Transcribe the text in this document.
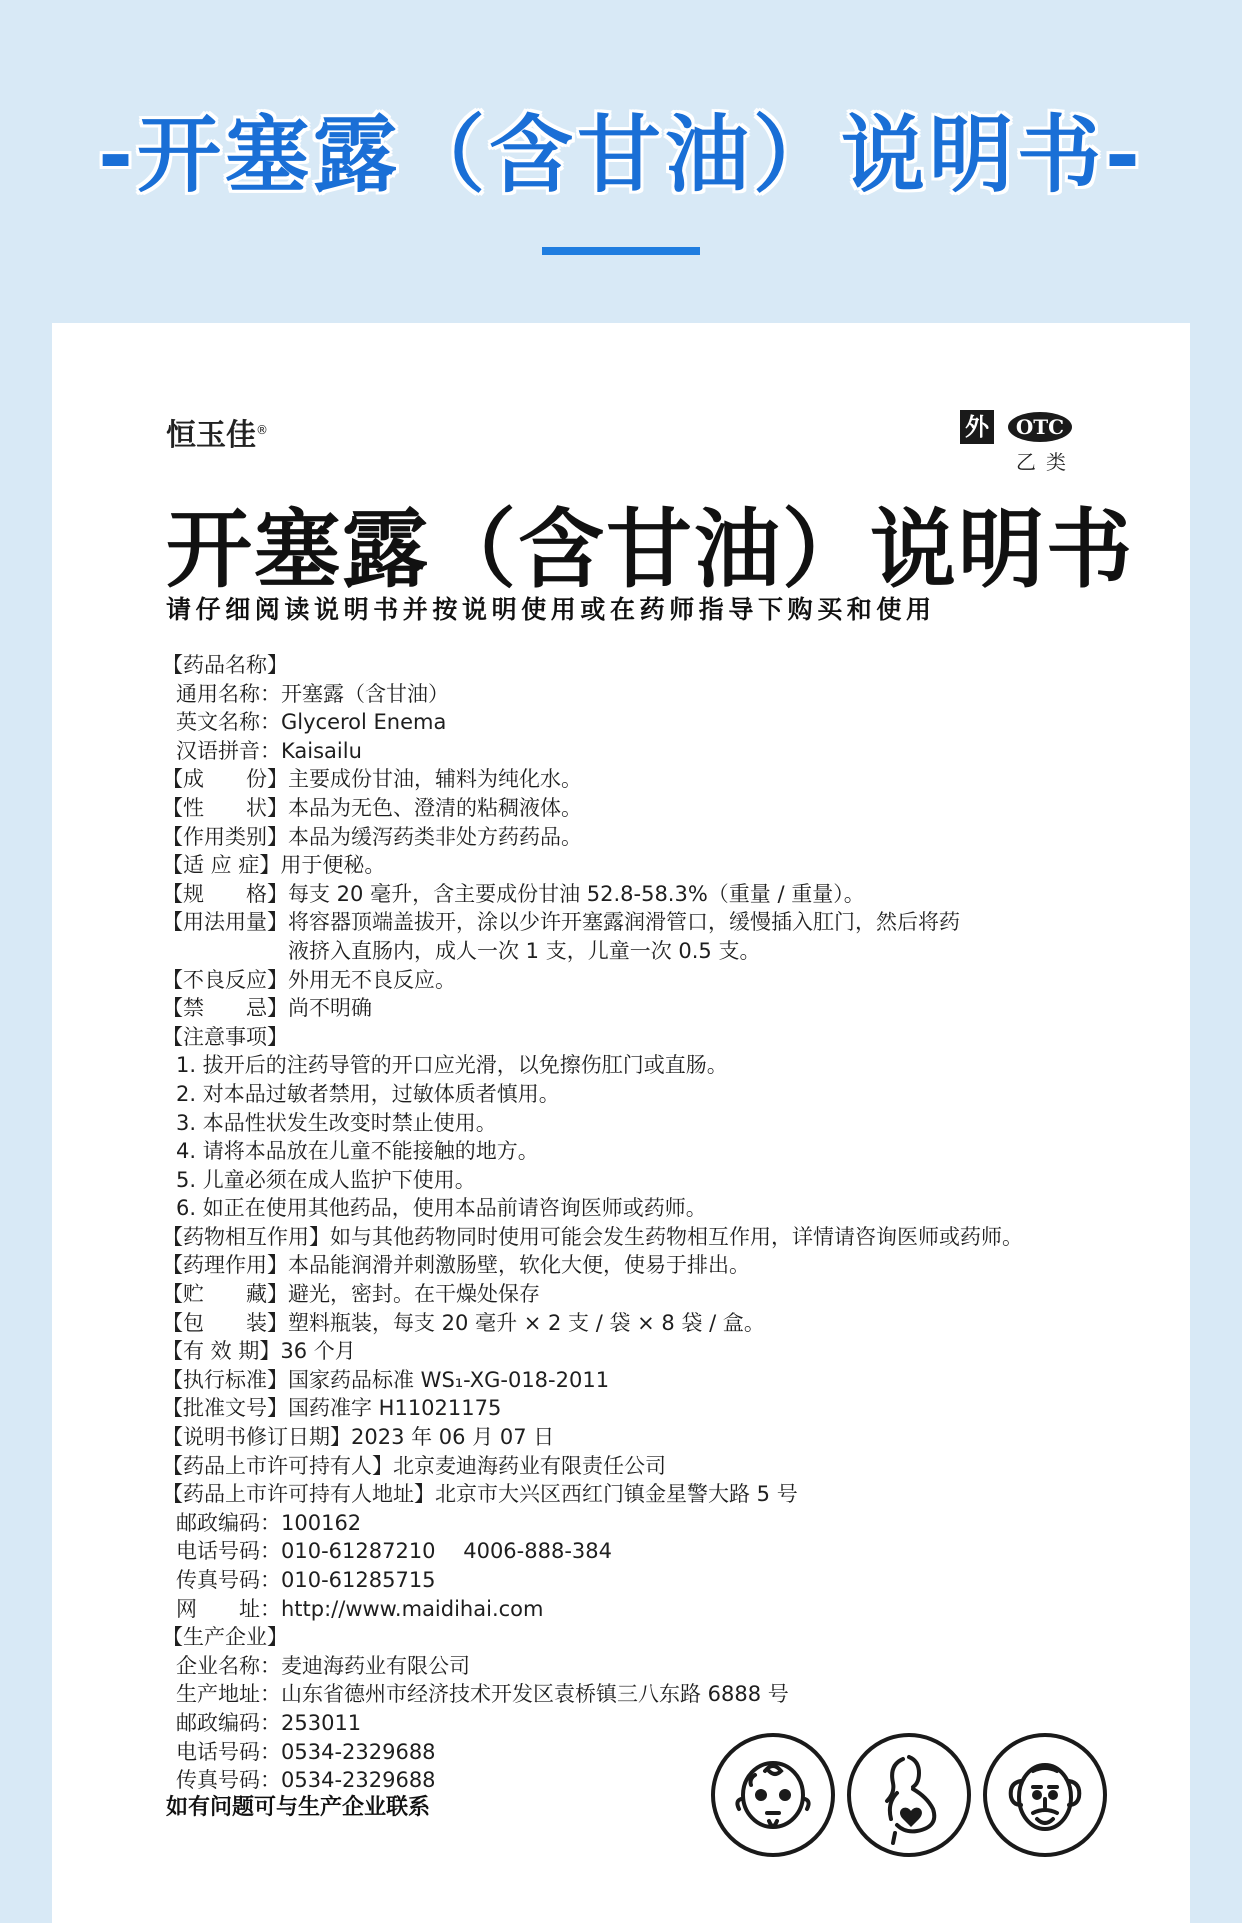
-开塞露（含甘油）说明书-
恒玉佳®	外	OTC
乙类
开塞露（含甘油）说明书
请仔细阅读说明书并按说明使用或在药师指导下购买和使用
【药品名称】
通用名称：开塞露（含甘油）
英文名称：Glycerol Enema
汉语拼音：Kaisailu
【成　　份】主要成份甘油，辅料为纯化水。
【性　　状】本品为无色、澄清的粘稠液体。
【作用类别】本品为缓泻药类非处方药药品。
【适 应 症】用于便秘。
【规　　格】每支 20 毫升，含主要成份甘油 52.8-58.3%（重量 / 重量）。
【用法用量】将容器顶端盖拔开，涂以少许开塞露润滑管口，缓慢插入肛门，然后将药
液挤入直肠内，成人一次 1 支，儿童一次 0.5 支。
【不良反应】外用无不良反应。
【禁　　忌】尚不明确
【注意事项】
1. 拔开后的注药导管的开口应光滑，以免擦伤肛门或直肠。
2. 对本品过敏者禁用，过敏体质者慎用。
3. 本品性状发生改变时禁止使用。
4. 请将本品放在儿童不能接触的地方。
5. 儿童必须在成人监护下使用。
6. 如正在使用其他药品，使用本品前请咨询医师或药师。
【药物相互作用】如与其他药物同时使用可能会发生药物相互作用，详情请咨询医师或药师。
【药理作用】本品能润滑并刺激肠壁，软化大便，使易于排出。
【贮　　藏】避光，密封。在干燥处保存
【包　　装】塑料瓶装，每支 20 毫升 × 2 支 / 袋 × 8 袋 / 盒。
【有 效 期】36 个月
【执行标准】国家药品标准 WS₁-XG-018-2011
【批准文号】国药准字 H11021175
【说明书修订日期】2023 年 06 月 07 日
【药品上市许可持有人】北京麦迪海药业有限责任公司
【药品上市许可持有人地址】北京市大兴区西红门镇金星警大路 5 号
邮政编码：100162
电话号码：010-61287210　 4006-888-384
传真号码：010-61285715
网　　址：http://www.maidihai.com
【生产企业】
企业名称：麦迪海药业有限公司
生产地址：山东省德州市经济技术开发区袁桥镇三八东路 6888 号
邮政编码：253011
电话号码：0534-2329688
传真号码：0534-2329688
如有问题可与生产企业联系
